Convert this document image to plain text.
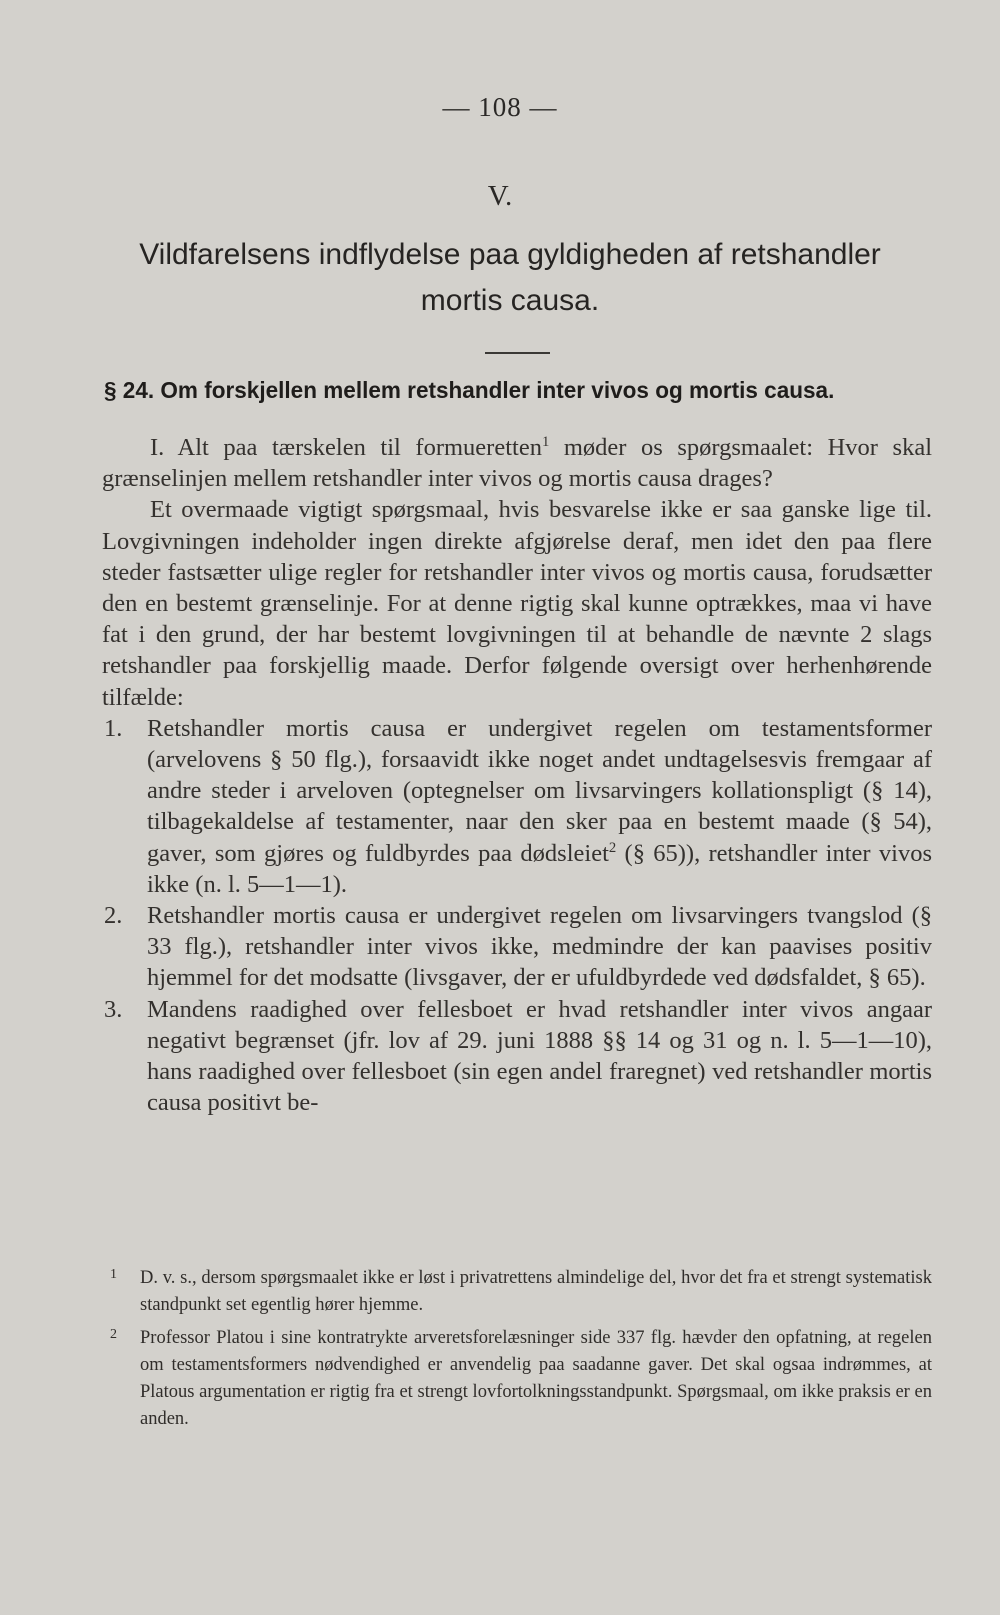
— 108 —
V.
Vildfarelsens indflydelse paa gyldigheden af retshandler
mortis causa.
§ 24. Om forskjellen mellem retshandler inter vivos og mortis causa.

I. Alt paa tærskelen til formueretten$^1$ møder os spørgsmaalet: Hvor skal grænselinjen mellem retshandler inter vivos og mortis causa drages?

Et overmaade vigtigt spørgsmaal, hvis besvarelse ikke er saa ganske lige til. Lovgivningen indeholder ingen direkte afgjørelse deraf, men idet den paa flere steder fastsætter ulige regler for retshandler inter vivos og mortis causa, forudsætter den en bestemt grænselinje. For at denne rigtig skal kunne optrækkes, maa vi have fat i den grund, der har bestemt lovgivningen til at behandle de nævnte 2 slags retshandler paa forskjellig maade. Derfor følgende oversigt over herhenhørende tilfælde:

1. Retshandler mortis causa er undergivet regelen om testamentsformer (arvelovens § 50 flg.), forsaavidt ikke noget andet undtagelsesvis fremgaar af andre steder i arveloven (optegnelser om livsarvingers kollationspligt (§ 14), tilbagekaldelse af testamenter, naar den sker paa en bestemt maade (§ 54), gaver, som gjøres og fuldbyrdes paa dødsleiet$^2$ (§ 65)), retshandler inter vivos ikke (n. l. 5—1—1).

2. Retshandler mortis causa er undergivet regelen om livsarvingers tvangslod (§ 33 flg.), retshandler inter vivos ikke, medmindre der kan paavises positiv hjemmel for det modsatte (livsgaver, der er ufuldbyrdede ved dødsfaldet, § 65).

3. Mandens raadighed over fellesboet er hvad retshandler inter vivos angaar negativt begrænset (jfr. lov af 29. juni 1888 §§ 14 og 31 og n. l. 5—1—10), hans raadighed over fellesboet (sin egen andel fraregnet) ved retshandler mortis causa positivt be-

1 D. v. s., dersom spørgsmaalet ikke er løst i privatrettens almindelige del, hvor det fra et strengt systematisk standpunkt set egentlig hører hjemme.
2 Professor Platou i sine kontratrykte arveretsforelæsninger side 337 flg. hævder den opfatning, at regelen om testamentsformers nødvendighed er anvendelig paa saadanne gaver. Det skal ogsaa indrømmes, at Platous argumentation er rigtig fra et strengt lovfortolkningsstandpunkt. Spørgsmaal, om ikke praksis er en anden.
